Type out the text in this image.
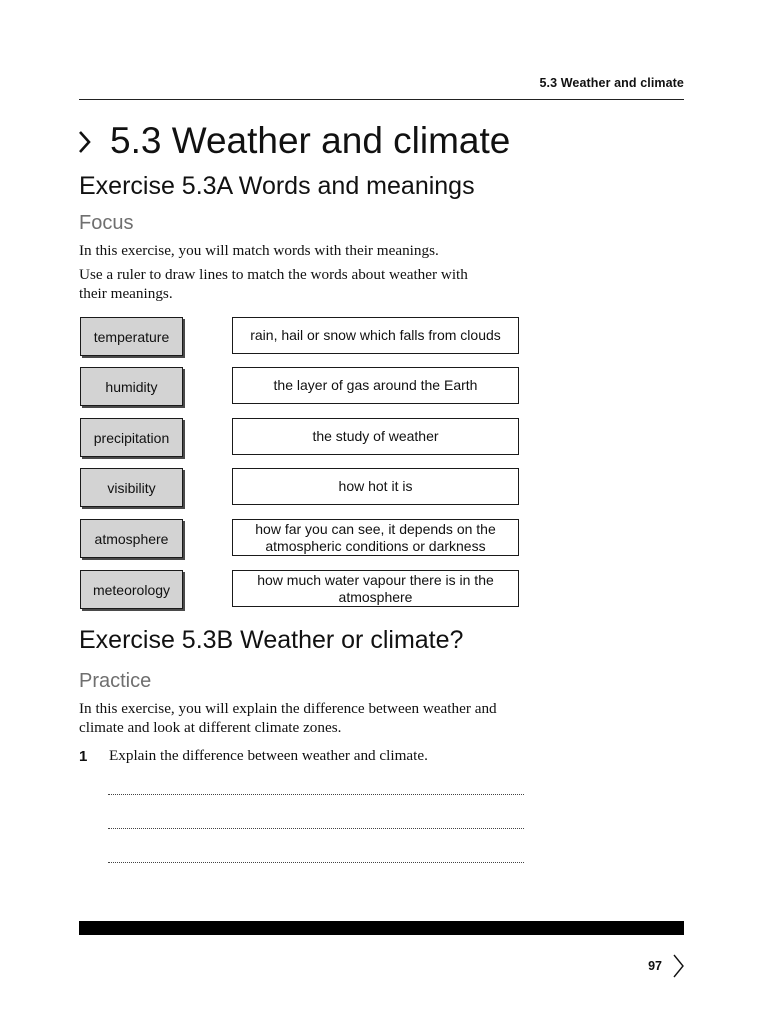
5.3 Weather and climate
5.3 Weather and climate
Exercise 5.3A Words and meanings
Focus
In this exercise, you will match words with their meanings.
Use a ruler to draw lines to match the words about weather with their meanings.
temperature
humidity
precipitation
visibility
atmosphere
meteorology
rain, hail or snow which falls from clouds
the layer of gas around the Earth
the study of weather
how hot it is
how far you can see, it depends on the atmospheric conditions or darkness
how much water vapour there is in the atmosphere
Exercise 5.3B Weather or climate?
Practice
In this exercise, you will explain the difference between weather and climate and look at different climate zones.
1 Explain the difference between weather and climate.
97
